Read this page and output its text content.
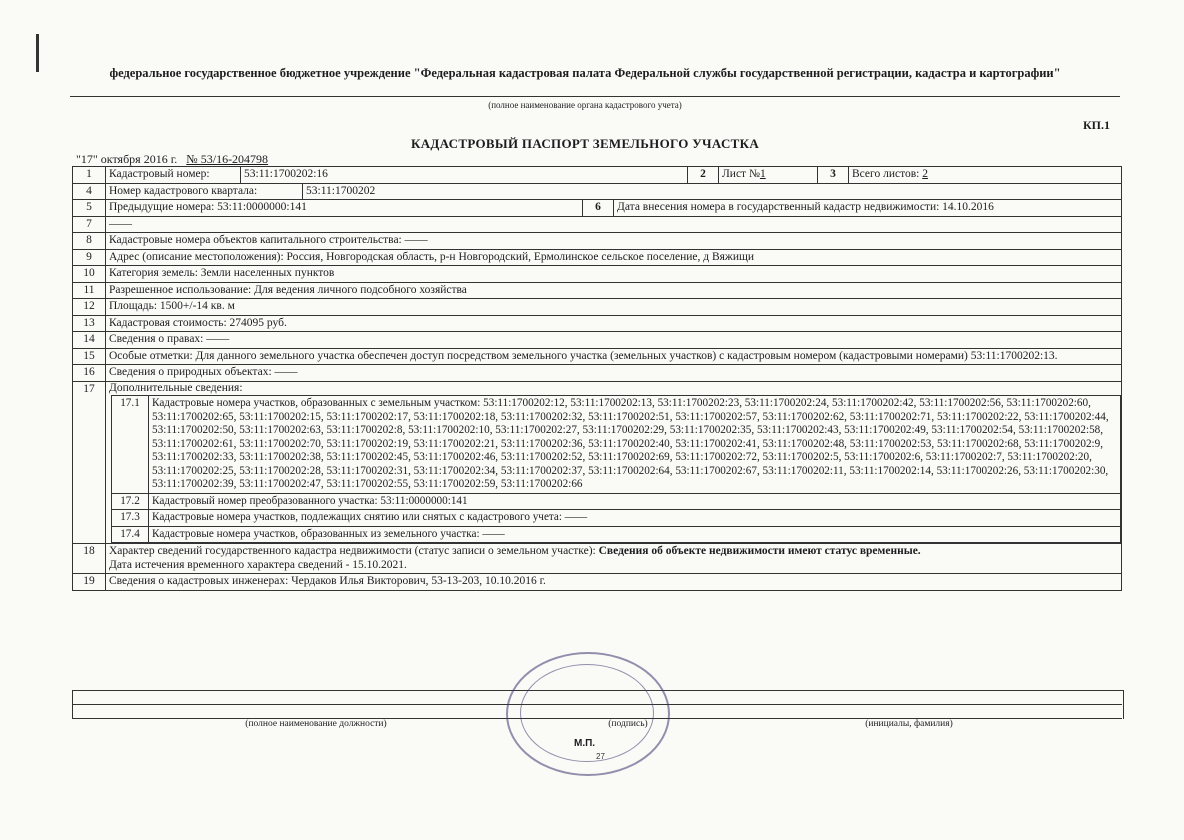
федеральное государственное бюджетное учреждение "Федеральная кадастровая палата Федеральной службы государственной регистрации, кадастра и картографии"
(полное наименование органа кадастрового учета)
КП.1
КАДАСТРОВЫЙ ПАСПОРТ ЗЕМЕЛЬНОГО УЧАСТКА
"17" октября 2016 г. № 53/16-204798
1	Кадастровый номер:	53:11:1700202:16	2	Лист №1	3	Всего листов: 2

4	Номер кадастрового квартала:	53:11:1700202

5	Предыдущие номера: 53:11:0000000:141	6	Дата внесения номера в государственный кадастр недвижимости: 14.10.2016

7	——
8	Кадастровые номера объектов капитального строительства: ——
9	Адрес (описание местоположения): Россия, Новгородская область, р-н Новгородский, Ермолинское сельское поселение, д Вяжищи
10	Категория земель: Земли населенных пунктов
11	Разрешенное использование: Для ведения личного подсобного хозяйства
12	Площадь: 1500+/-14 кв. м
13	Кадастровая стоимость: 274095 руб.
14	Сведения о правах: ——
15	Особые отметки: Для данного земельного участка обеспечен доступ посредством земельного участка (земельных участков) с кадастровым номером (кадастровыми номерами) 53:11:1700202:13.
16	Сведения о природных объектах: ——
17	Дополнительные сведения:
17.1	Кадастровые номера участков, образованных с земельным участком: 53:11:1700202:12, 53:11:1700202:13, 53:11:1700202:23, 53:11:1700202:24, 53:11:1700202:42, 53:11:1700202:56, 53:11:1700202:60, 53:11:1700202:65, 53:11:1700202:15, 53:11:1700202:17, 53:11:1700202:18, 53:11:1700202:32, 53:11:1700202:51, 53:11:1700202:57, 53:11:1700202:62, 53:11:1700202:71, 53:11:1700202:22, 53:11:1700202:44, 53:11:1700202:50, 53:11:1700202:63, 53:11:1700202:8, 53:11:1700202:10, 53:11:1700202:27, 53:11:1700202:29, 53:11:1700202:35, 53:11:1700202:43, 53:11:1700202:49, 53:11:1700202:54, 53:11:1700202:58, 53:11:1700202:61, 53:11:1700202:70, 53:11:1700202:19, 53:11:1700202:21, 53:11:1700202:36, 53:11:1700202:40, 53:11:1700202:41, 53:11:1700202:48, 53:11:1700202:53, 53:11:1700202:68, 53:11:1700202:9, 53:11:1700202:33, 53:11:1700202:38, 53:11:1700202:45, 53:11:1700202:46, 53:11:1700202:52, 53:11:1700202:69, 53:11:1700202:72, 53:11:1700202:5, 53:11:1700202:6, 53:11:1700202:7, 53:11:1700202:20, 53:11:1700202:25, 53:11:1700202:28, 53:11:1700202:31, 53:11:1700202:34, 53:11:1700202:37, 53:11:1700202:64, 53:11:1700202:67, 53:11:1700202:11, 53:11:1700202:14, 53:11:1700202:26, 53:11:1700202:30, 53:11:1700202:39, 53:11:1700202:47, 53:11:1700202:55, 53:11:1700202:59, 53:11:1700202:66
17.2	Кадастровый номер преобразованного участка: 53:11:0000000:141
17.3	Кадастровые номера участков, подлежащих снятию или снятых с кадастрового учета: ——
17.4	Кадастровые номера участков, образованных из земельного участка: ——

18	Характер сведений государственного кадастра недвижимости (статус записи о земельном участке): Сведения об объекте недвижимости имеют статус временные.
Дата истечения временного характера сведений - 15.10.2021.
19	Сведения о кадастровых инженерах: Чердаков Илья Викторович, 53-13-203, 10.10.2016 г.
(полное наименование должности)	(подпись)	(инициалы, фамилия)
М.П.
27
